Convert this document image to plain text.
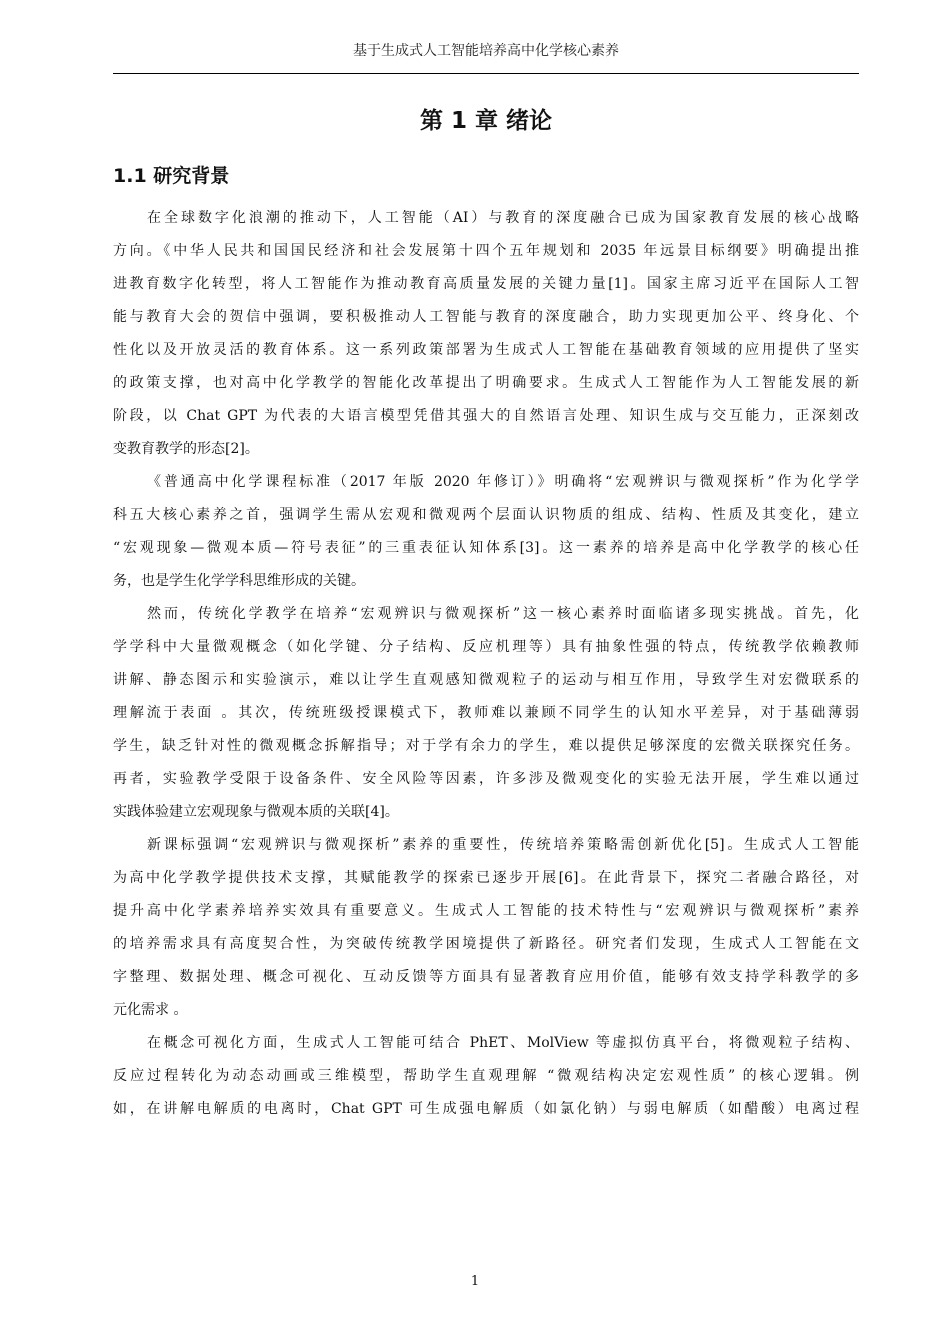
基于生成式人工智能培养高中化学核心素养
第 1 章 绪论
1.1 研究背景
在全球数字化浪潮的推动下，人工智能（AI）与教育的深度融合已成为国家教育发展的核心战略
方向。《中华人民共和国国民经济和社会发展第十四个五年规划和 2035 年远景目标纲要》明确提出推
进教育数字化转型，将人工智能作为推动教育高质量发展的关键力量[1]。国家主席习近平在国际人工智
能与教育大会的贺信中强调，要积极推动人工智能与教育的深度融合，助力实现更加公平、终身化、个
性化以及开放灵活的教育体系。这一系列政策部署为生成式人工智能在基础教育领域的应用提供了坚实
的政策支撑，也对高中化学教学的智能化改革提出了明确要求。生成式人工智能作为人工智能发展的新
阶段，以 Chat GPT 为代表的大语言模型凭借其强大的自然语言处理、知识生成与交互能力，正深刻改
变教育教学的形态[2]。
《普通高中化学课程标准（2017 年版 2020 年修订）》明确将“宏观辨识与微观探析”作为化学学
科五大核心素养之首，强调学生需从宏观和微观两个层面认识物质的组成、结构、性质及其变化，建立
“宏观现象—微观本质—符号表征”的三重表征认知体系[3]。这一素养的培养是高中化学教学的核心任
务，也是学生化学学科思维形成的关键。
然而，传统化学教学在培养“宏观辨识与微观探析”这一核心素养时面临诸多现实挑战。首先，化
学学科中大量微观概念（如化学键、分子结构、反应机理等）具有抽象性强的特点，传统教学依赖教师
讲解、静态图示和实验演示，难以让学生直观感知微观粒子的运动与相互作用，导致学生对宏微联系的
理解流于表面 。其次，传统班级授课模式下，教师难以兼顾不同学生的认知水平差异，对于基础薄弱
学生，缺乏针对性的微观概念拆解指导；对于学有余力的学生，难以提供足够深度的宏微关联探究任务。
再者，实验教学受限于设备条件、安全风险等因素，许多涉及微观变化的实验无法开展，学生难以通过
实践体验建立宏观现象与微观本质的关联[4]。
新课标强调“宏观辨识与微观探析”素养的重要性，传统培养策略需创新优化[5]。生成式人工智能
为高中化学教学提供技术支撑，其赋能教学的探索已逐步开展[6]。在此背景下，探究二者融合路径，对
提升高中化学素养培养实效具有重要意义。生成式人工智能的技术特性与“宏观辨识与微观探析”素养
的培养需求具有高度契合性，为突破传统教学困境提供了新路径。研究者们发现，生成式人工智能在文
字整理、数据处理、概念可视化、互动反馈等方面具有显著教育应用价值，能够有效支持学科教学的多
元化需求 。
在概念可视化方面，生成式人工智能可结合 PhET、MolView 等虚拟仿真平台，将微观粒子结构、
反应过程转化为动态动画或三维模型，帮助学生直观理解 “微观结构决定宏观性质” 的核心逻辑。例
如，在讲解电解质的电离时，Chat GPT 可生成强电解质（如氯化钠）与弱电解质（如醋酸）电离过程
1
